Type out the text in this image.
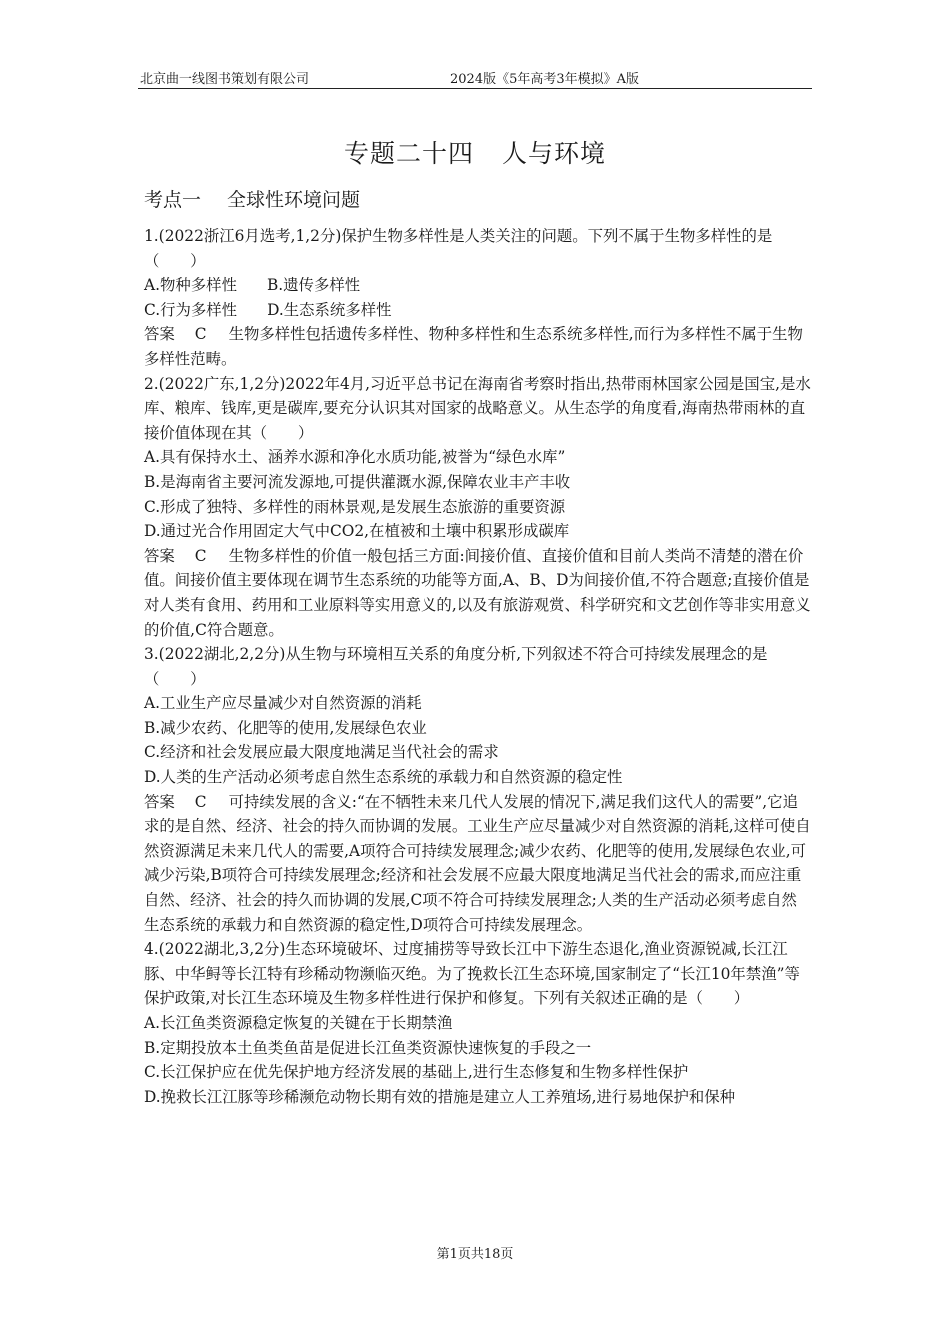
北京曲一线图书策划有限公司	2024版《5年高考3年模拟》A版
专题二十四 人与环境
考点一 全球性环境问题

1.(2022浙江6月选考,1,2分)保护生物多样性是人类关注的问题。下列不属于生物多样性的是（　　）

A.物种多样性 B.遗传多样性

C.行为多样性 D.生态系统多样性

答案 C 生物多样性包括遗传多样性、物种多样性和生态系统多样性,而行为多样性不属于生物多样性范畴。

2.(2022广东,1,2分)2022年4月,习近平总书记在海南省考察时指出,热带雨林国家公园是国宝,是水库、粮库、钱库,更是碳库,要充分认识其对国家的战略意义。从生态学的角度看,海南热带雨林的直接价值体现在其（　　）

A.具有保持水土、涵养水源和净化水质功能,被誉为“绿色水库”

B.是海南省主要河流发源地,可提供灌溉水源,保障农业丰产丰收

C.形成了独特、多样性的雨林景观,是发展生态旅游的重要资源

D.通过光合作用固定大气中CO2,在植被和土壤中积累形成碳库

答案 C 生物多样性的价值一般包括三方面:间接价值、直接价值和目前人类尚不清楚的潜在价值。间接价值主要体现在调节生态系统的功能等方面,A、B、D为间接价值,不符合题意;直接价值是对人类有食用、药用和工业原料等实用意义的,以及有旅游观赏、科学研究和文艺创作等非实用意义的价值,C符合题意。

3.(2022湖北,2,2分)从生物与环境相互关系的角度分析,下列叙述不符合可持续发展理念的是（　　）

A.工业生产应尽量减少对自然资源的消耗

B.减少农药、化肥等的使用,发展绿色农业

C.经济和社会发展应最大限度地满足当代社会的需求

D.人类的生产活动必须考虑自然生态系统的承载力和自然资源的稳定性

答案 C 可持续发展的含义:“在不牺牲未来几代人发展的情况下,满足我们这代人的需要”,它追求的是自然、经济、社会的持久而协调的发展。工业生产应尽量减少对自然资源的消耗,这样可使自然资源满足未来几代人的需要,A项符合可持续发展理念;减少农药、化肥等的使用,发展绿色农业,可减少污染,B项符合可持续发展理念;经济和社会发展不应最大限度地满足当代社会的需求,而应注重自然、经济、社会的持久而协调的发展,C项不符合可持续发展理念;人类的生产活动必须考虑自然生态系统的承载力和自然资源的稳定性,D项符合可持续发展理念。

4.(2022湖北,3,2分)生态环境破坏、过度捕捞等导致长江中下游生态退化,渔业资源锐减,长江江豚、中华鲟等长江特有珍稀动物濒临灭绝。为了挽救长江生态环境,国家制定了“长江10年禁渔”等保护政策,对长江生态环境及生物多样性进行保护和修复。下列有关叙述正确的是（　　）

A.长江鱼类资源稳定恢复的关键在于长期禁渔

B.定期投放本土鱼类鱼苗是促进长江鱼类资源快速恢复的手段之一

C.长江保护应在优先保护地方经济发展的基础上,进行生态修复和生物多样性保护

D.挽救长江江豚等珍稀濒危动物长期有效的措施是建立人工养殖场,进行易地保护和保种

第1页共18页
